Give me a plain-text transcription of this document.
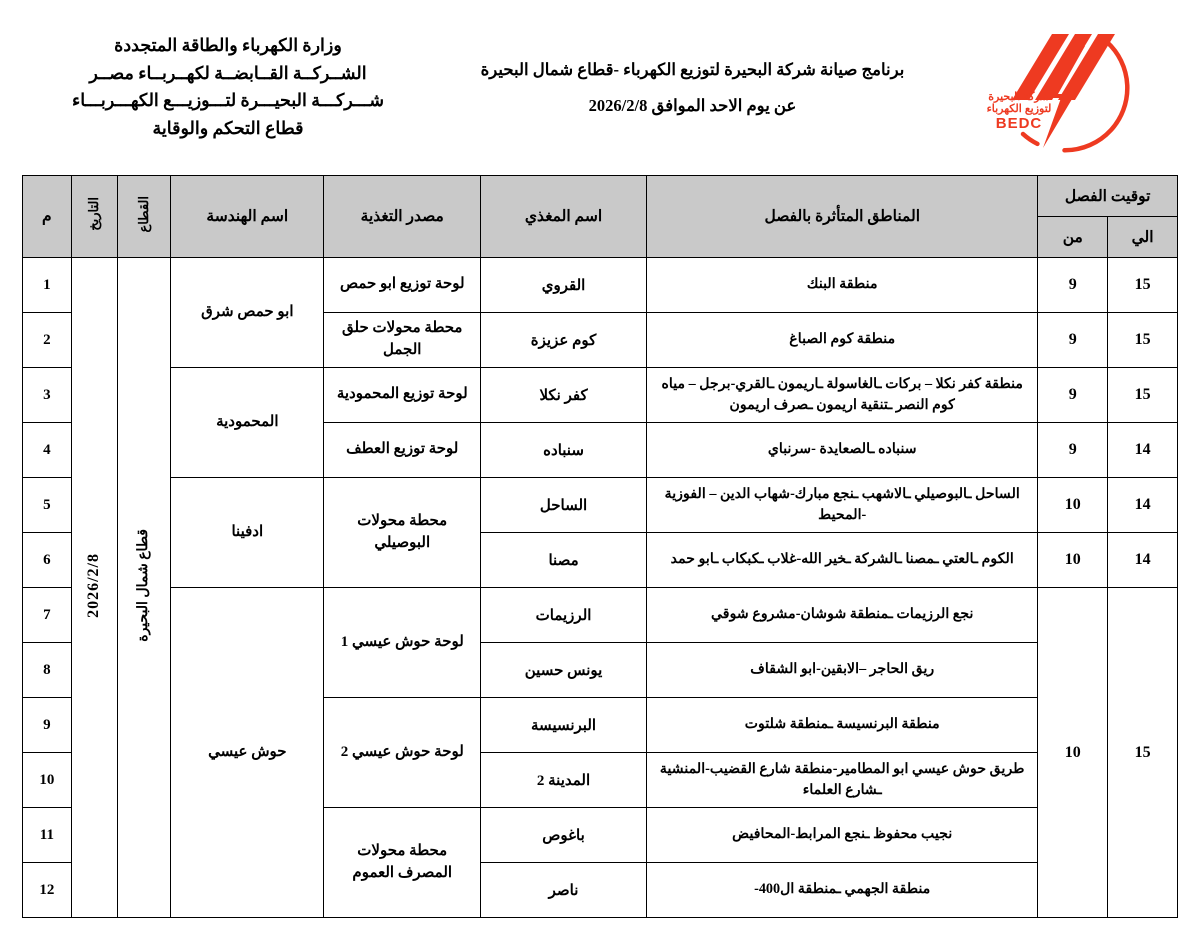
وزارة الكهرباء والطاقة المتجددة
الشــركــة القــابضــة لكهــربــاء مصــر
شـــركـــة البحيـــرة لتـــوزيـــع الكهـــربـــاء
قطاع التحكم والوقاية
برنامج صيانة شركة البحيرة لتوزيع الكهرباء -قطاع شمال البحيرة
عن يوم الاحد الموافق 2026/2/8	شركة البحيرة
لتوزيع الكهرباء
BEDC
توقيت الفصل		المناطق المتأثرة بالفصل	اسم المغذي	مصدر التغذية	اسم الهندسة	القطاع	التاريخ	م
الي	من							
15	9	منطقة البنك	القروي	لوحة توزيع ابو حمص	ابو حمص شرق	قطاع شمال البحيرة	2026/2/8	1
15	9	منطقة كوم الصباغ	كوم عزيزة	محطة محولات حلق الجمل				2
15	9	منطقة كفر نكلا – بركات ـالغاسولة ـاريمون ـالقري-برجل – مياه كوم النصر ـتنقية اريمون ـصرف اريمون	كفر نكلا	لوحة توزيع المحمودية	المحمودية			3
14	9	سنباده ـالصعايدة -سرنباي	سنباده	لوحة توزيع العطف				4
14	10	الساحل ـالبوصيلي ـالاشهب ـنجع مبارك-شهاب الدين – الفوزية -المحيط	الساحل	محطة محولات البوصيلي	ادفينا			5
14	10	الكوم ـالعتي ـمصنا ـالشركة ـخير الله-غلاب ـكبكاب ـابو حمد	مصنا					6
15	10	نجع الرزيمات ـمنطقة شوشان-مشروع شوقي	الرزيمات	لوحة حوش عيسي 1	حوش عيسي			7
		ريق الحاجر –الابقين-ابو الشقاف	يونس حسين					8
		منطقة البرنسيسة ـمنطقة شلتوت	البرنسيسة	لوحة حوش عيسي 2				9
		طريق حوش عيسي ابو المطامير-منطقة شارع القضيب-المنشية ـشارع العلماء	المدينة 2					10
		نجيب محفوظ ـنجع المرابط-المحافيض	باغوص	محطة محولات المصرف العموم				11
		منطقة الجهمي ـمنطقة ال400-	ناصر					12
